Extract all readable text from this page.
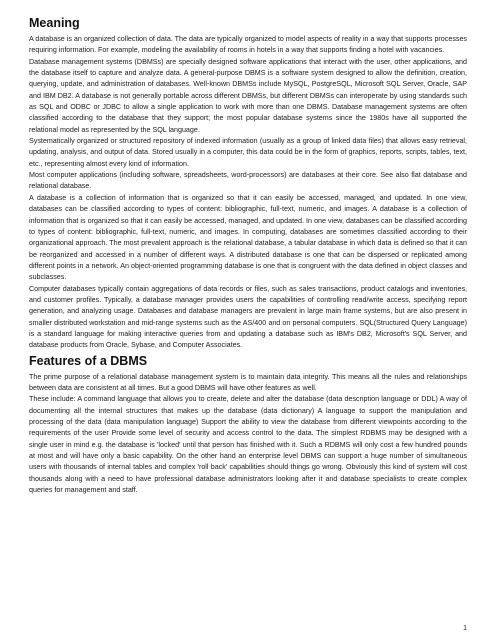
Meaning

A database is an organized collection of data. The data are typically organized to model aspects of reality in a way that supports processes requiring information. For example, modeling the availability of rooms in hotels in a way that supports finding a hotel with vacancies.

Database management systems (DBMSs) are specially designed software applications that interact with the user, other applications, and the database itself to capture and analyze data. A general-purpose DBMS is a software system designed to allow the definition, creation, querying, update, and administration of databases. Well-known DBMSs include MySQL, PostgreSQL, Microsoft SQL Server, Oracle, SAP and IBM DB2. A database is not generally portable across different DBMSs, but different DBMSs can interoperate by using standards such as SQL and ODBC or JDBC to allow a single application to work with more than one DBMS. Database management systems are often classified according to the database that they support; the most popular database systems since the 1980s have all supported the relational model as represented by the SQL language.

Systematically organized or structured repository of indexed information (usually as a group of linked data files) that allows easy retrieval, updating, analysis, and output of data. Stored usually in a computer, this data could be in the form of graphics, reports, scripts, tables, text, etc., representing almost every kind of information.

Most computer applications (including software, spreadsheets, word-processors) are databases at their core. See also flat database and relational database.

A database is a collection of information that is organized so that it can easily be accessed, managed, and updated. In one view, databases can be classified according to types of content: bibliographic, full-text, numeric, and images. A database is a collection of information that is organized so that it can easily be accessed, managed, and updated. In one view, databases can be classified according to types of content: bibliographic, full-text, numeric, and images. In computing, databases are sometimes classified according to their organizational approach. The most prevalent approach is the relational database, a tabular database in which data is defined so that it can be reorganized and accessed in a number of different ways. A distributed database is one that can be dispersed or replicated among different points in a network. An object-oriented programming database is one that is congruent with the data defined in object classes and subclasses.

Computer databases typically contain aggregations of data records or files, such as sales transactions, product catalogs and inventories, and customer profiles. Typically, a database manager provides users the capabilities of controlling read/write access, specifying report generation, and analyzing usage. Databases and database managers are prevalent in large main frame systems, but are also present in smaller distributed workstation and mid-range systems such as the AS/400 and on personal computers. SQL(Structured Query Language) is a standard language for making interactive queries from and updating a database such as IBM's DB2, Microsoft's SQL Server, and database products from Oracle, Sybase, and Computer Associates.

Features of a DBMS

The prime purpose of a relational database management system is to maintain data integrity. This means all the rules and relationships between data are consistent at all times. But a good DBMS will have other features as well.

These include: A command language that allows you to create, delete and alter the database (data description language or DDL) A way of documenting all the internal structures that makes up the database (data dictionary) A language to support the manipulation and processing of the data (data manipulation language) Support the ability to view the database from different viewpoints according to the requirements of the user Provide some level of security and access control to the data. The simplest RDBMS may be designed with a single user in mind e.g. the database is 'locked' until that person has finished with it. Such a RDBMS will only cost a few hundred pounds at most and will have only a basic capability. On the other hand an enterprise level DBMS can support a huge number of simultaneous users with thousands of internal tables and complex 'roll back' capabilities should things go wrong. Obviously this kind of system will cost thousands along with a need to have professional database administrators looking after it and database specialists to create complex queries for management and staff.

1
